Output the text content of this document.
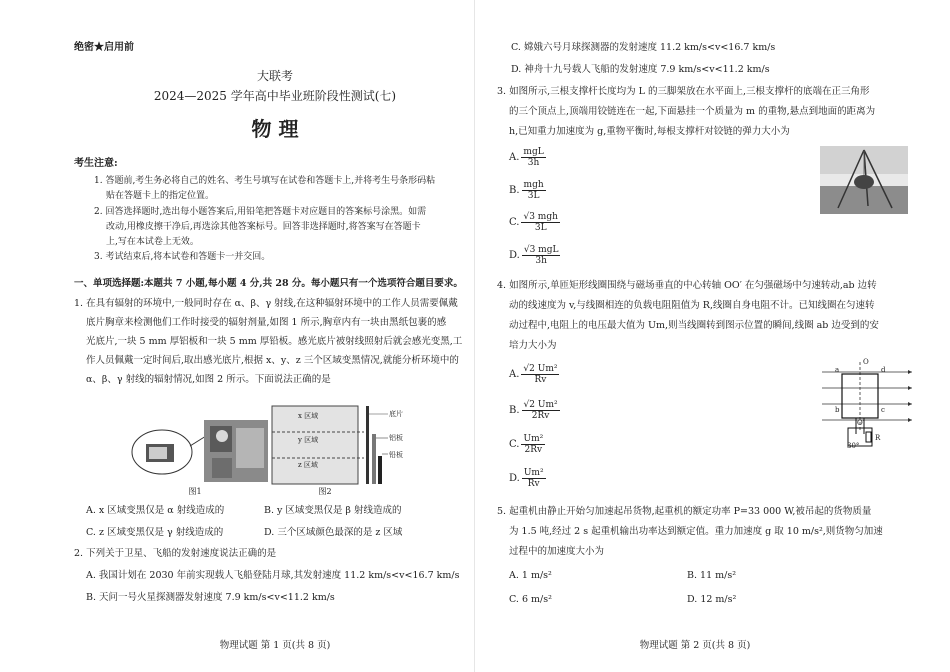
绝密★启用前
大联考
2024—2025 学年高中毕业班阶段性测试(七)
物 理
考生注意:
1. 答题前,考生务必将自己的姓名、考生号填写在试卷和答题卡上,并将考生号条形码粘
贴在答题卡上的指定位置。
2. 回答选择题时,选出每小题答案后,用铅笔把答题卡对应题目的答案标号涂黑。如需
改动,用橡皮擦干净后,再选涂其他答案标号。回答非选择题时,将答案写在答题卡
上,写在本试卷上无效。
3. 考试结束后,将本试卷和答题卡一并交回。
一、单项选择题:本题共 7 小题,每小题 4 分,共 28 分。每小题只有一个选项符合题目要求。
1. 在具有辐射的环境中,一般同时存在 α、β、γ 射线,在这种辐射环境中的工作人员需要佩戴
底片胸章来检测他们工作时接受的辐射剂量,如图 1 所示,胸章内有一块由黑纸包裹的感
光底片,一块 5 mm 厚铝板和一块 5 mm 厚铅板。感光底片被射线照射后就会感光变黑,工
作人员佩戴一定时间后,取出感光底片,根据 x、y、z 三个区域变黑情况,就能分析环境中的
α、β、γ 射线的辐射情况,如图 2 所示。下面说法正确的是
图1
x 区域
y 区域
z 区域
底片
铝板
铅板
图2
A. x 区域变黑仅是 α 射线造成的	B. y 区域变黑仅是 β 射线造成的
C. z 区域变黑仅是 γ 射线造成的	D. 三个区域颜色最深的是 z 区域
2. 下列关于卫星、飞船的发射速度说法正确的是
A. 我国计划在 2030 年前实现载人飞船登陆月球,其发射速度 11.2 km/s<v<16.7 km/s
B. 天问一号火星探测器发射速度 7.9 km/s<v<11.2 km/s
物理试题 第 1 页(共 8 页)
C. 嫦娥六号月球探测器的发射速度 11.2 km/s<v<16.7 km/s
D. 神舟十九号载人飞船的发射速度 7.9 km/s<v<11.2 km/s
3. 如图所示,三根支撑杆长度均为 L 的三脚架放在水平面上,三根支撑杆的底端在正三角形
的三个顶点上,顶端用铰链连在一起,下面悬挂一个质量为 m 的重物,悬点到地面的距离为
h,已知重力加速度为 g,重物平衡时,每根支撑杆对铰链的弹力大小为
A. $\frac{\text{mgL}}{3h}$
B. $\frac{\text{mgh}}{3L}$
C. $\frac{\text{√3 mgh}}{3L}$
D. $\frac{\text{√3 mgL}}{3h}$
4. 如图所示,单匝矩形线圈围绕与磁场垂直的中心转轴 OO′ 在匀强磁场中匀速转动,ab 边转
动的线速度为 v,与线圈相连的负载电阻阻值为 R,线圈自身电阻不计。已知线圈在匀速转
动过程中,电阻上的电压最大值为 Um,则当线圈转到图示位置的瞬间,线圈 ab 边受到的安
培力大小为
A. $\frac{\text{√2 Um²}}{Rv}$
B. $\frac{\text{√2 Um²}}{2Rv}$
C. $\frac{\text{Um²}}{2Rv}$
D. $\frac{\text{Um²}}{Rv}$
O
O′
a
b
d
c
R
30°
5. 起重机由静止开始匀加速起吊货物,起重机的额定功率 P=33 000 W,被吊起的货物质量
为 1.5 吨,经过 2 s 起重机输出功率达到额定值。重力加速度 g 取 10 m/s²,则货物匀加速
过程中的加速度大小为
A. 1 m/s²	B. 11 m/s²
C. 6 m/s²	D. 12 m/s²
物理试题 第 2 页(共 8 页)
